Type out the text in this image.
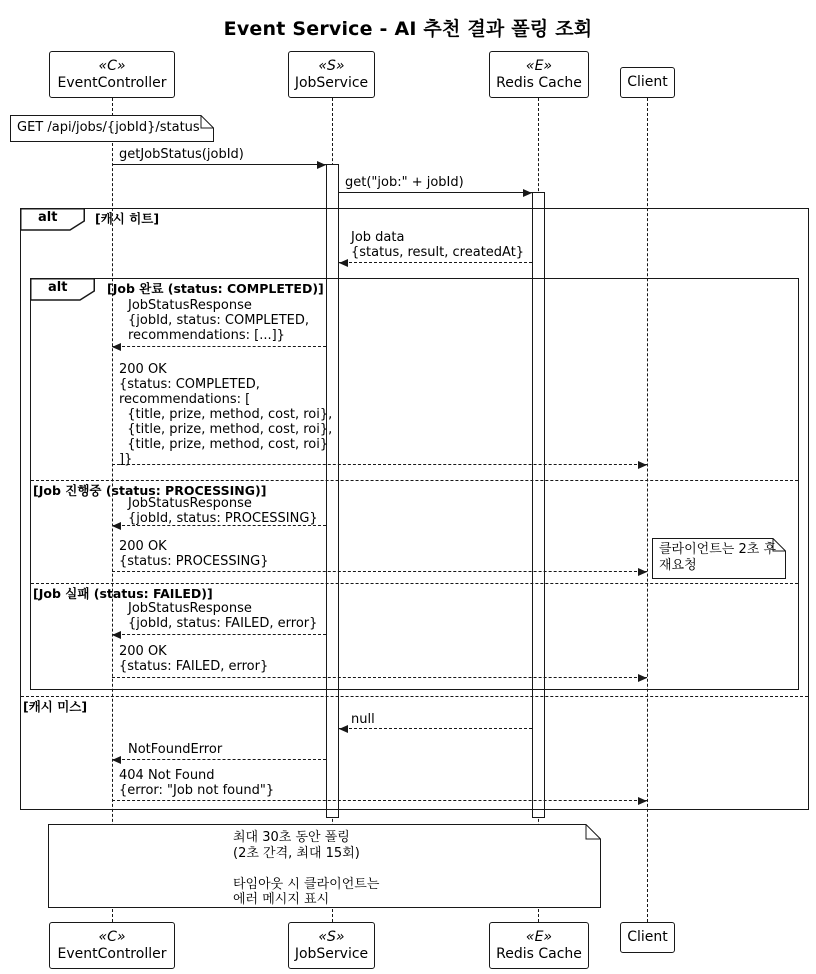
Event Service - AI 추천 결과 폴링 조회
«C»
EventController
«S»
JobService
«E»
Redis Cache	Client
GET /api/jobs/{jobId}/status
getJobStatus(jobId)
get("job:" + jobId)
alt	[캐시 히트]
Job data
{status, result, createdAt}
alt	[Job 완료 (status: COMPLETED)]
JobStatusResponse
{jobId, status: COMPLETED,
recommendations: [...]}
200 OK
{status: COMPLETED,
recommendations: [
{title, prize, method, cost, roi},
{title, prize, method, cost, roi},
{title, prize, method, cost, roi}
]}
[Job 진행중 (status: PROCESSING)]
JobStatusResponse
{jobId, status: PROCESSING}
클라이언트는 2초 후
재요청
200 OK
{status: PROCESSING}
[Job 실패 (status: FAILED)]
JobStatusResponse
{jobId, status: FAILED, error}
200 OK
{status: FAILED, error}
[캐시 미스]
null
NotFoundError
404 Not Found
{error: "Job not found"}
최대 30초 동안 폴링
(2초 간격, 최대 15회)
타임아웃 시 클라이언트는
에러 메시지 표시
«C»
EventController
«S»
JobService
«E»
Redis Cache
Client
